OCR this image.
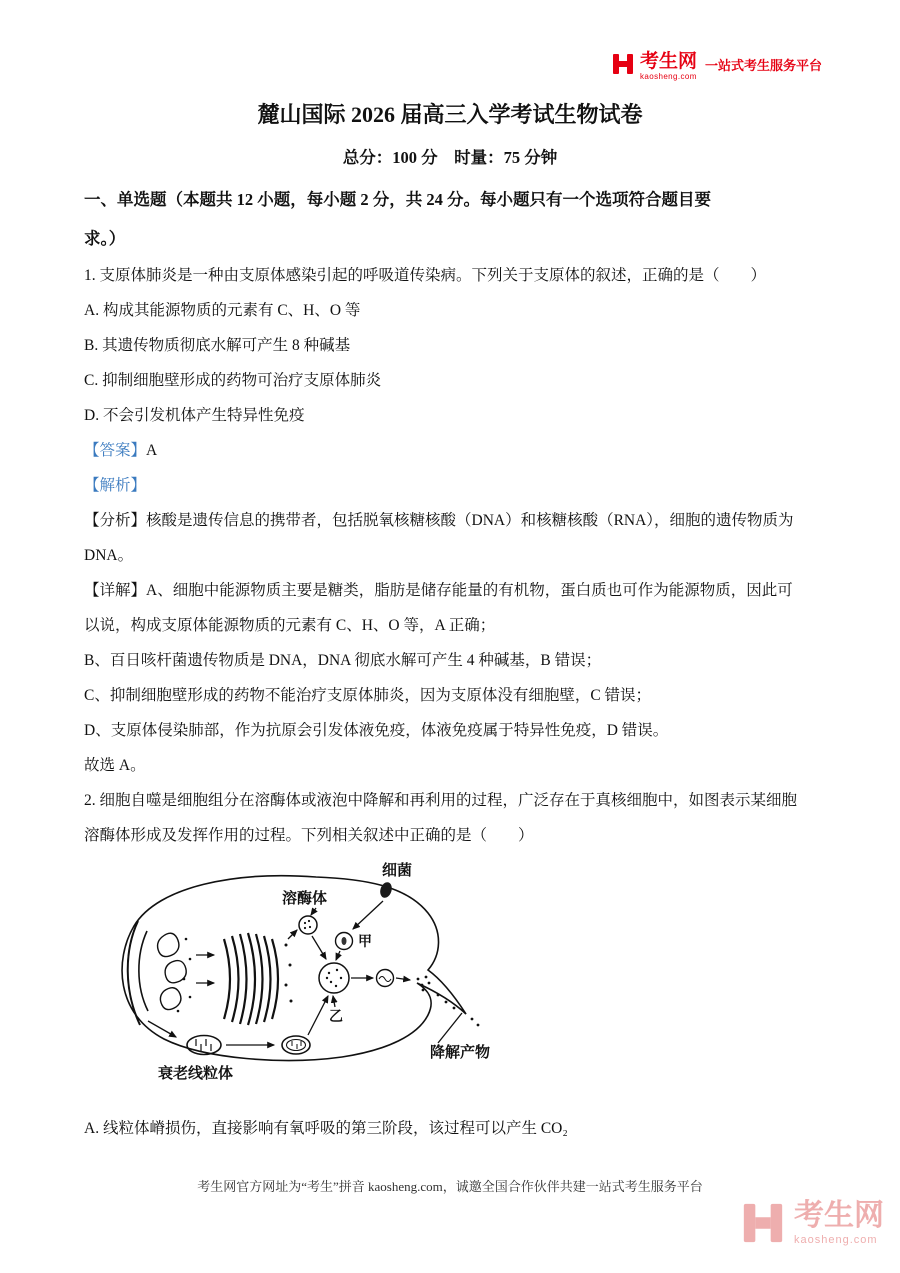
考生网
kaosheng.com
一站式考生服务平台
麓山国际 2026 届高三入学考试生物试卷
总分：100 分　时量：75 分钟
一、单选题（本题共 12 小题，每小题 2 分，共 24 分。每小题只有一个选项符合题目要
求。）
1. 支原体肺炎是一种由支原体感染引起的呼吸道传染病。下列关于支原体的叙述，正确的是（　　）
A. 构成其能源物质的元素有 C、H、O 等
B. 其遗传物质彻底水解可产生 8 种碱基
C. 抑制细胞壁形成的药物可治疗支原体肺炎
D. 不会引发机体产生特异性免疫
【答案】A
【解析】
【分析】核酸是遗传信息的携带者，包括脱氧核糖核酸（DNA）和核糖核酸（RNA），细胞的遗传物质为
DNA。
【详解】A、细胞中能源物质主要是糖类，脂肪是储存能量的有机物，蛋白质也可作为能源物质，因此可
以说，构成支原体能源物质的元素有 C、H、O 等，A 正确；
B、百日咳杆菌遗传物质是 DNA，DNA 彻底水解可产生 4 种碱基，B 错误；
C、抑制细胞壁形成的药物不能治疗支原体肺炎，因为支原体没有细胞壁，C 错误；
D、支原体侵染肺部，作为抗原会引发体液免疫，体液免疫属于特异性免疫，D 错误。
故选 A。
2. 细胞自噬是细胞组分在溶酶体或液泡中降解和再利用的过程，广泛存在于真核细胞中，如图表示某细胞
溶酶体形成及发挥作用的过程。下列相关叙述中正确的是（　　）
溶酶体
细菌
甲
乙
降解产物
衰老线粒体
A. 线粒体嵴损伤，直接影响有氧呼吸的第三阶段，该过程可以产生 CO₂
考生网官方网址为“考生”拼音 kaosheng.com，诚邀全国合作伙伴共建一站式考生服务平台
考生网
kaosheng.com
